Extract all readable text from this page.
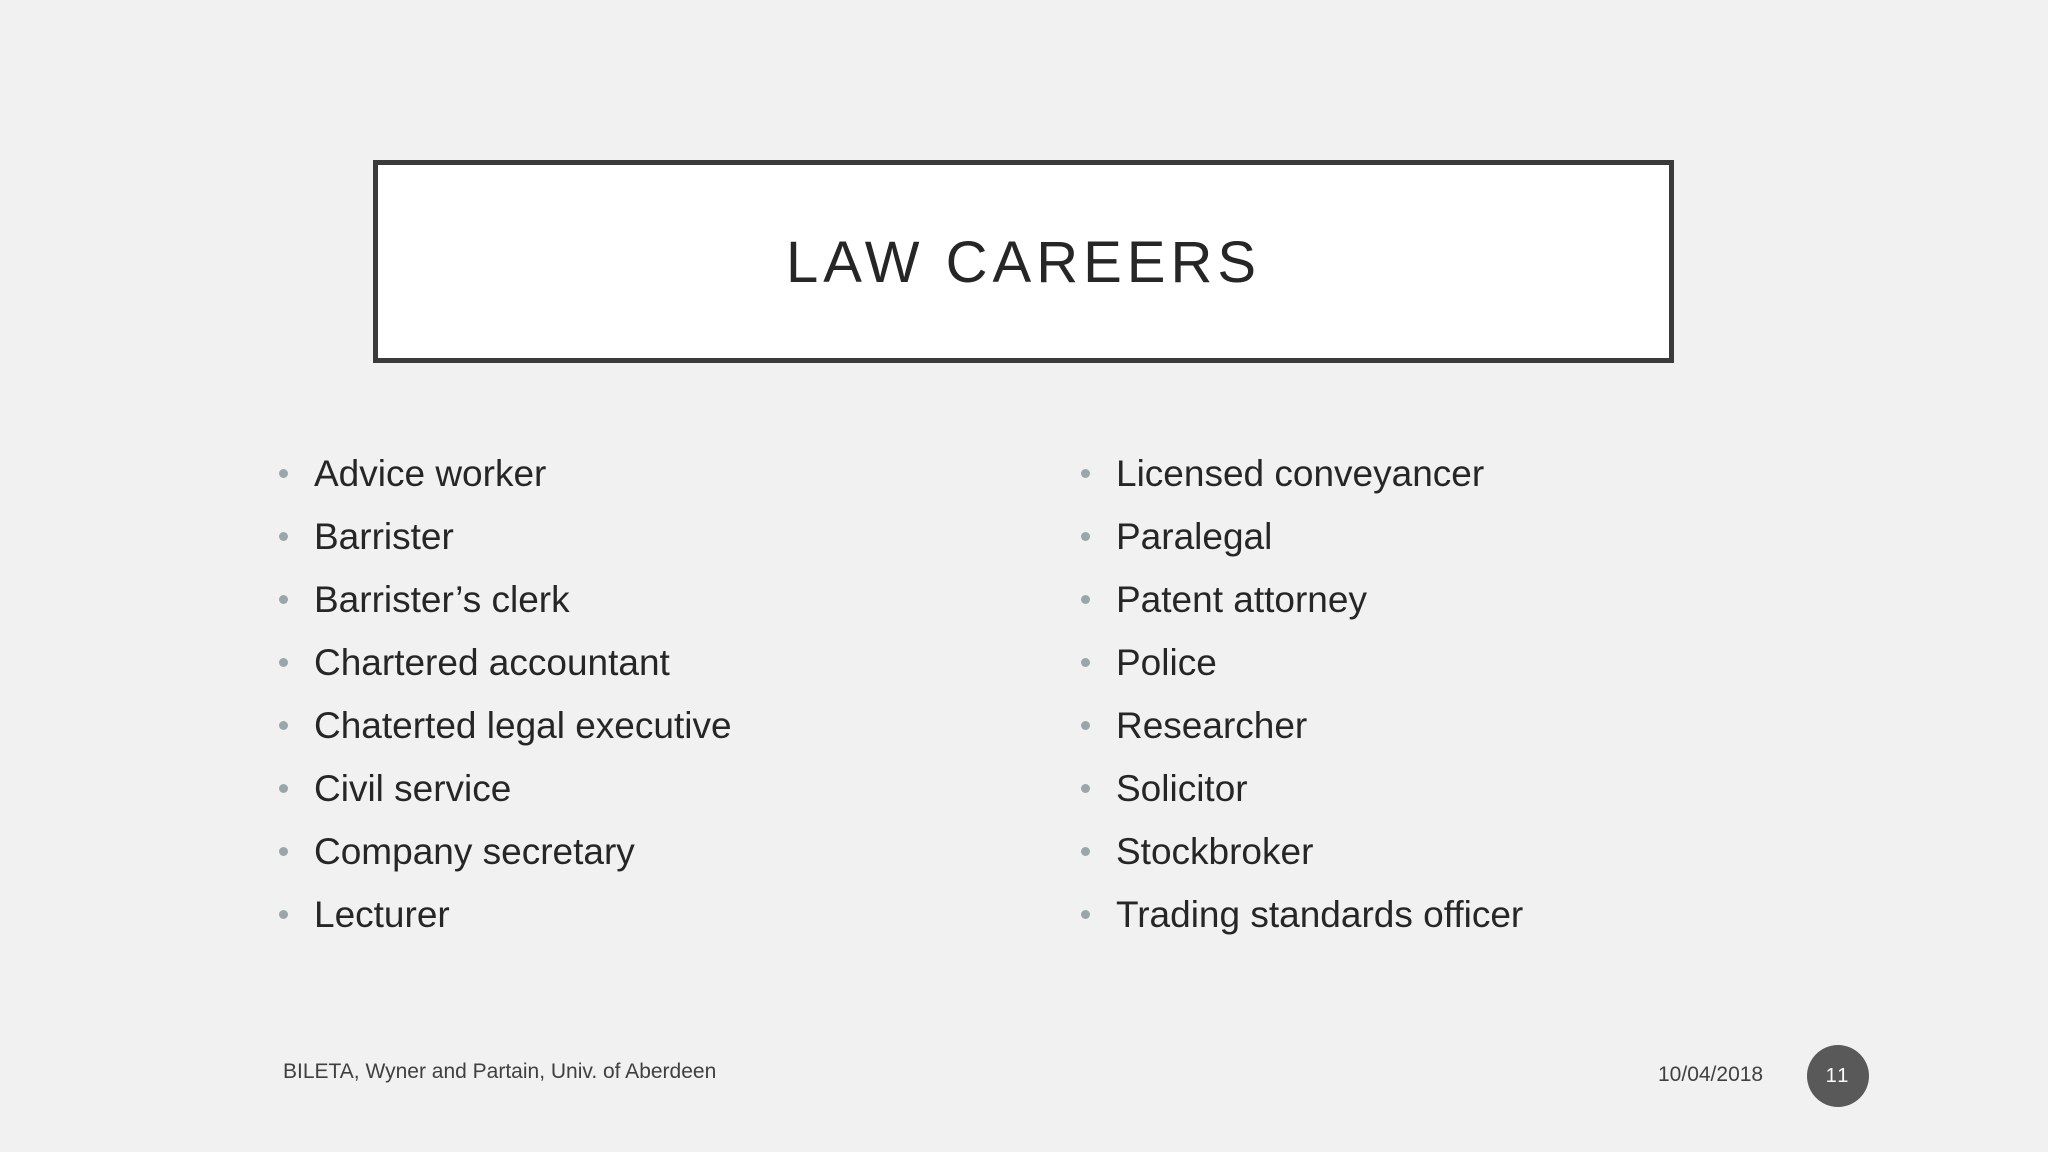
LAW CAREERS
Advice worker
Barrister
Barrister’s clerk
Chartered accountant
Chaterted legal executive
Civil service
Company secretary
Lecturer
Licensed conveyancer
Paralegal
Patent attorney
Police
Researcher
Solicitor
Stockbroker
Trading standards officer
BILETA, Wyner and Partain, Univ. of Aberdeen	10/04/2018	11
